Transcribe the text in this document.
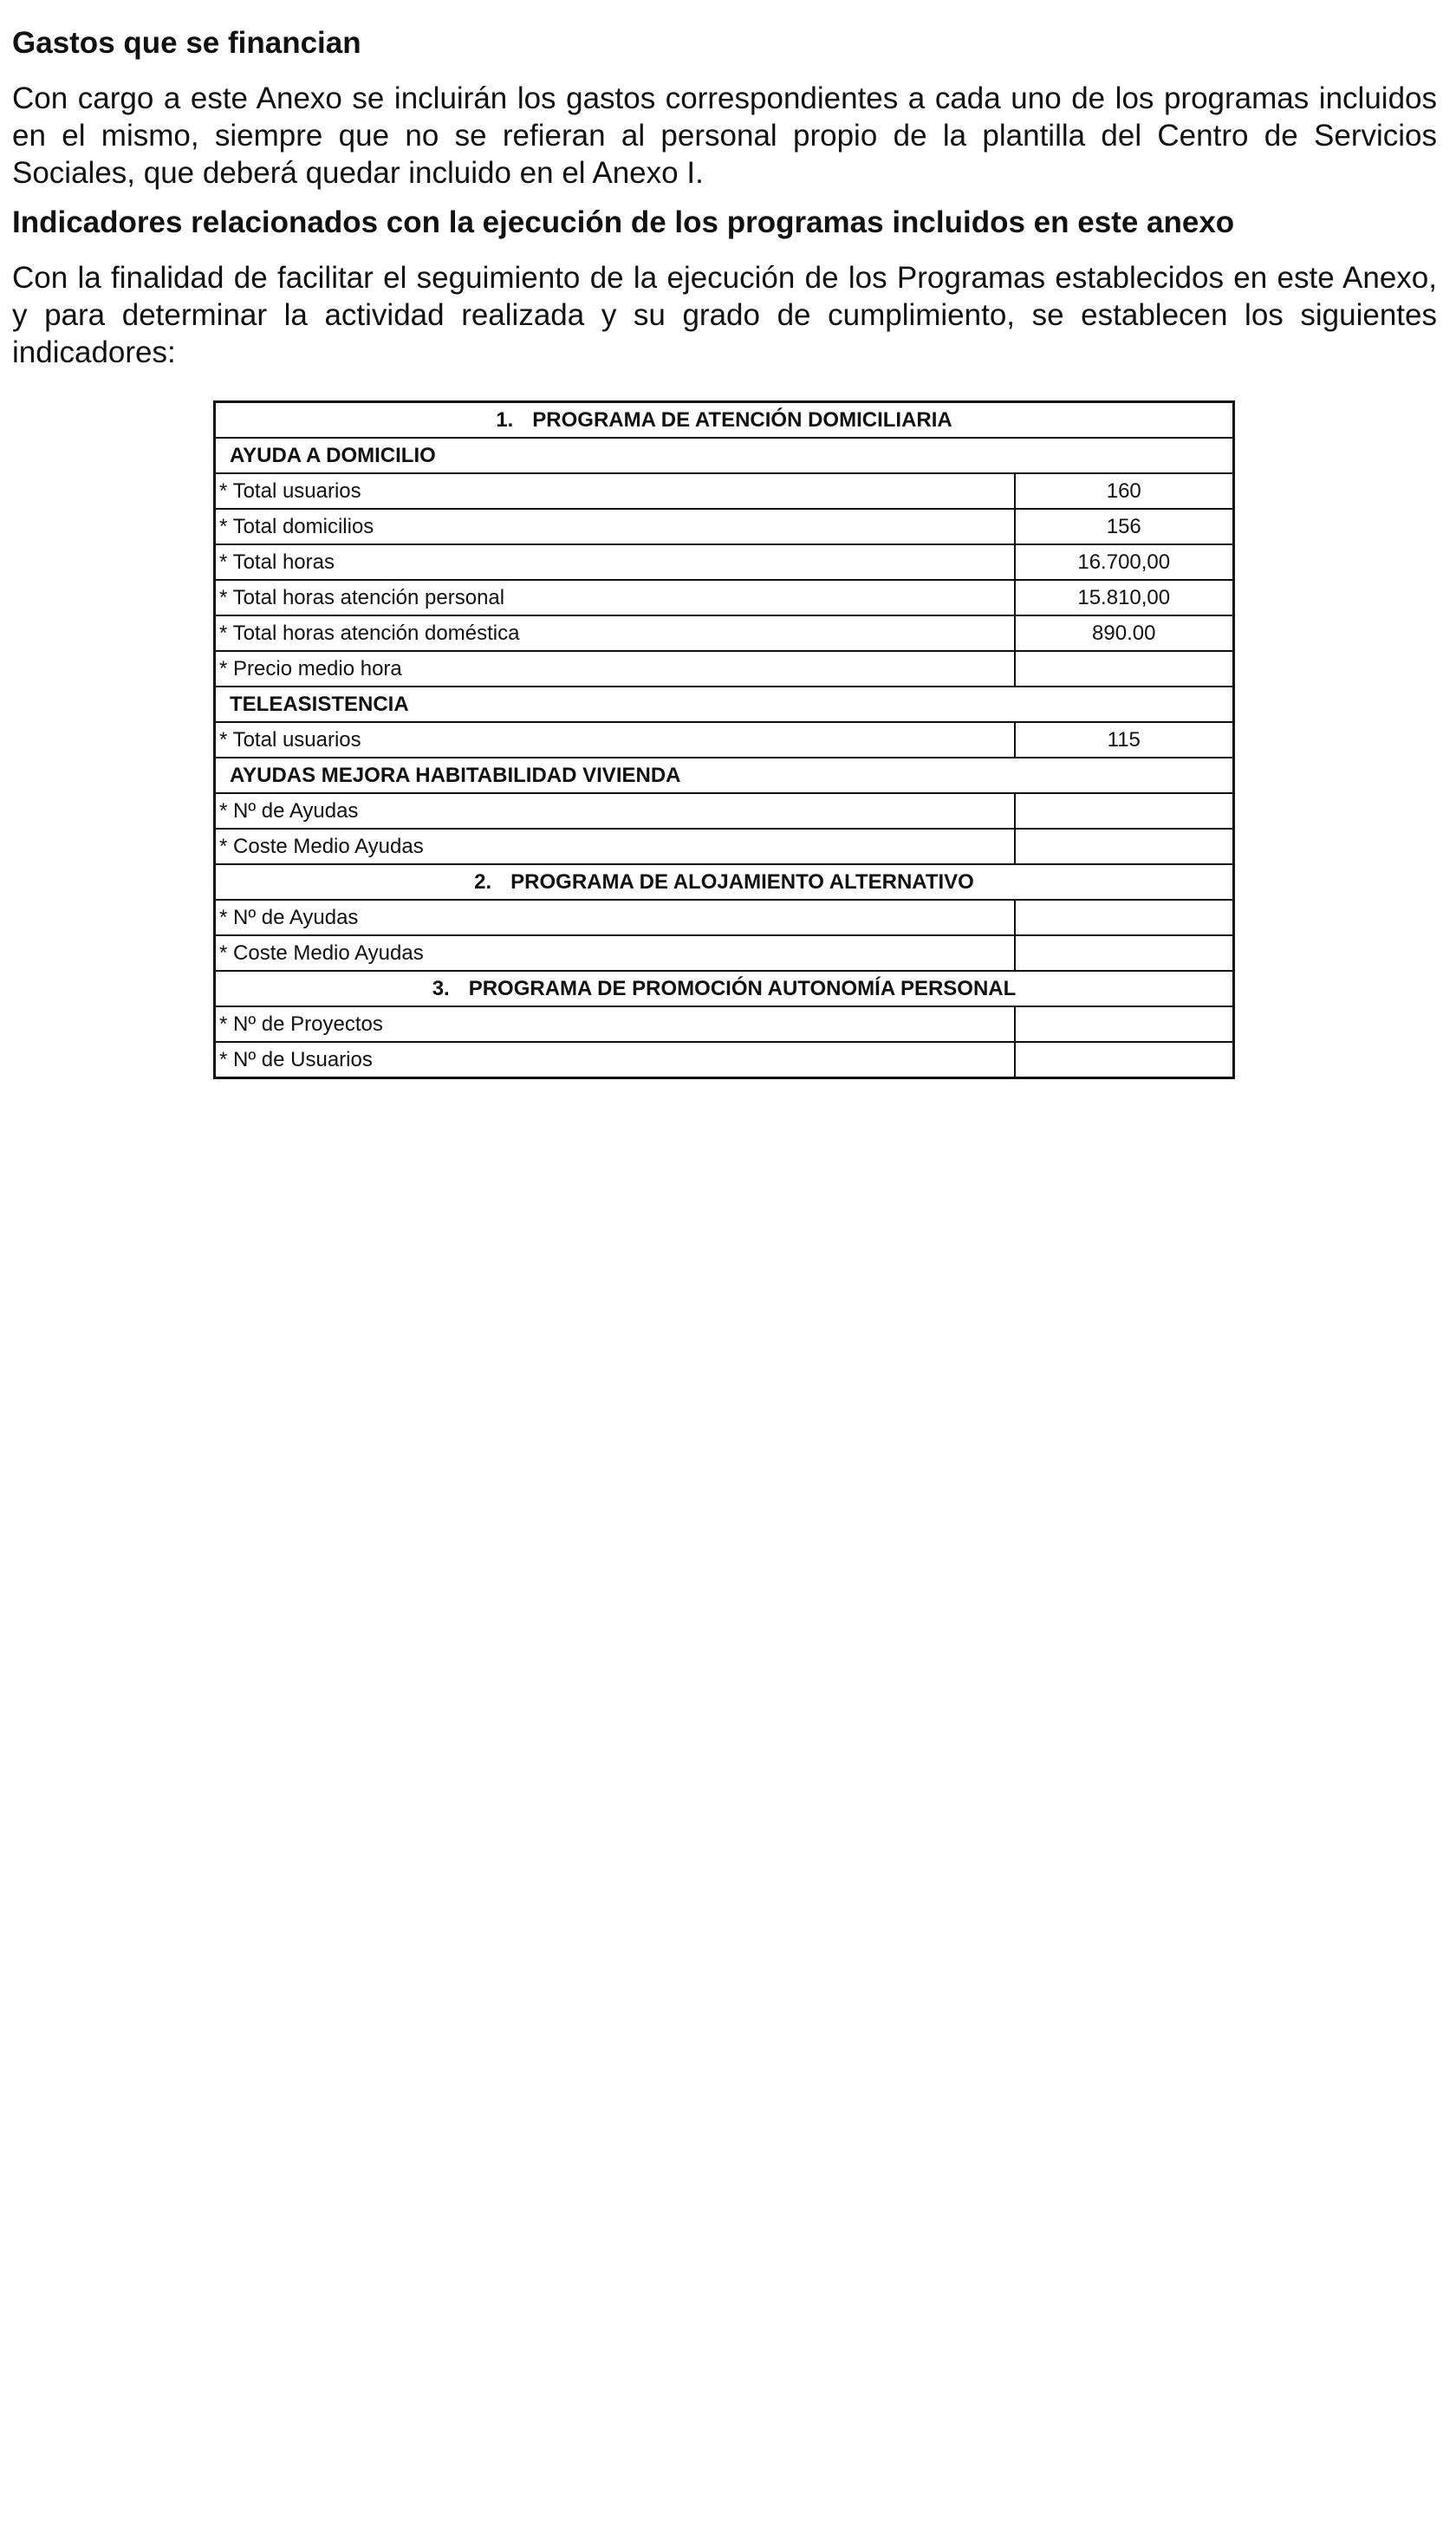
Gastos que se financian

Con cargo a este Anexo se incluirán los gastos correspondientes a cada uno de los programas incluidos en el mismo, siempre que no se refieran al personal propio de la plantilla del Centro de Servicios Sociales, que deberá quedar incluido en el Anexo I.

Indicadores relacionados con la ejecución de los programas incluidos en este anexo

Con la finalidad de facilitar el seguimiento de la ejecución de los Programas establecidos en este Anexo, y para determinar la actividad realizada y su grado de cumplimiento, se establecen los siguientes indicadores:

1. PROGRAMA DE ATENCIÓN DOMICILIARIA	
AYUDA A DOMICILIO	
* Total usuarios	160
* Total domicilios	156
* Total horas	16.700,00
* Total horas atención personal	15.810,00
* Total horas atención doméstica	890.00
* Precio medio hora	
TELEASISTENCIA	
* Total usuarios	115
AYUDAS MEJORA HABITABILIDAD VIVIENDA	
* Nº de Ayudas	
* Coste Medio Ayudas	
2. PROGRAMA DE ALOJAMIENTO ALTERNATIVO	
* Nº de Ayudas	
* Coste Medio Ayudas	
3. PROGRAMA DE PROMOCIÓN AUTONOMÍA PERSONAL	
* Nº de Proyectos	
* Nº de Usuarios	
